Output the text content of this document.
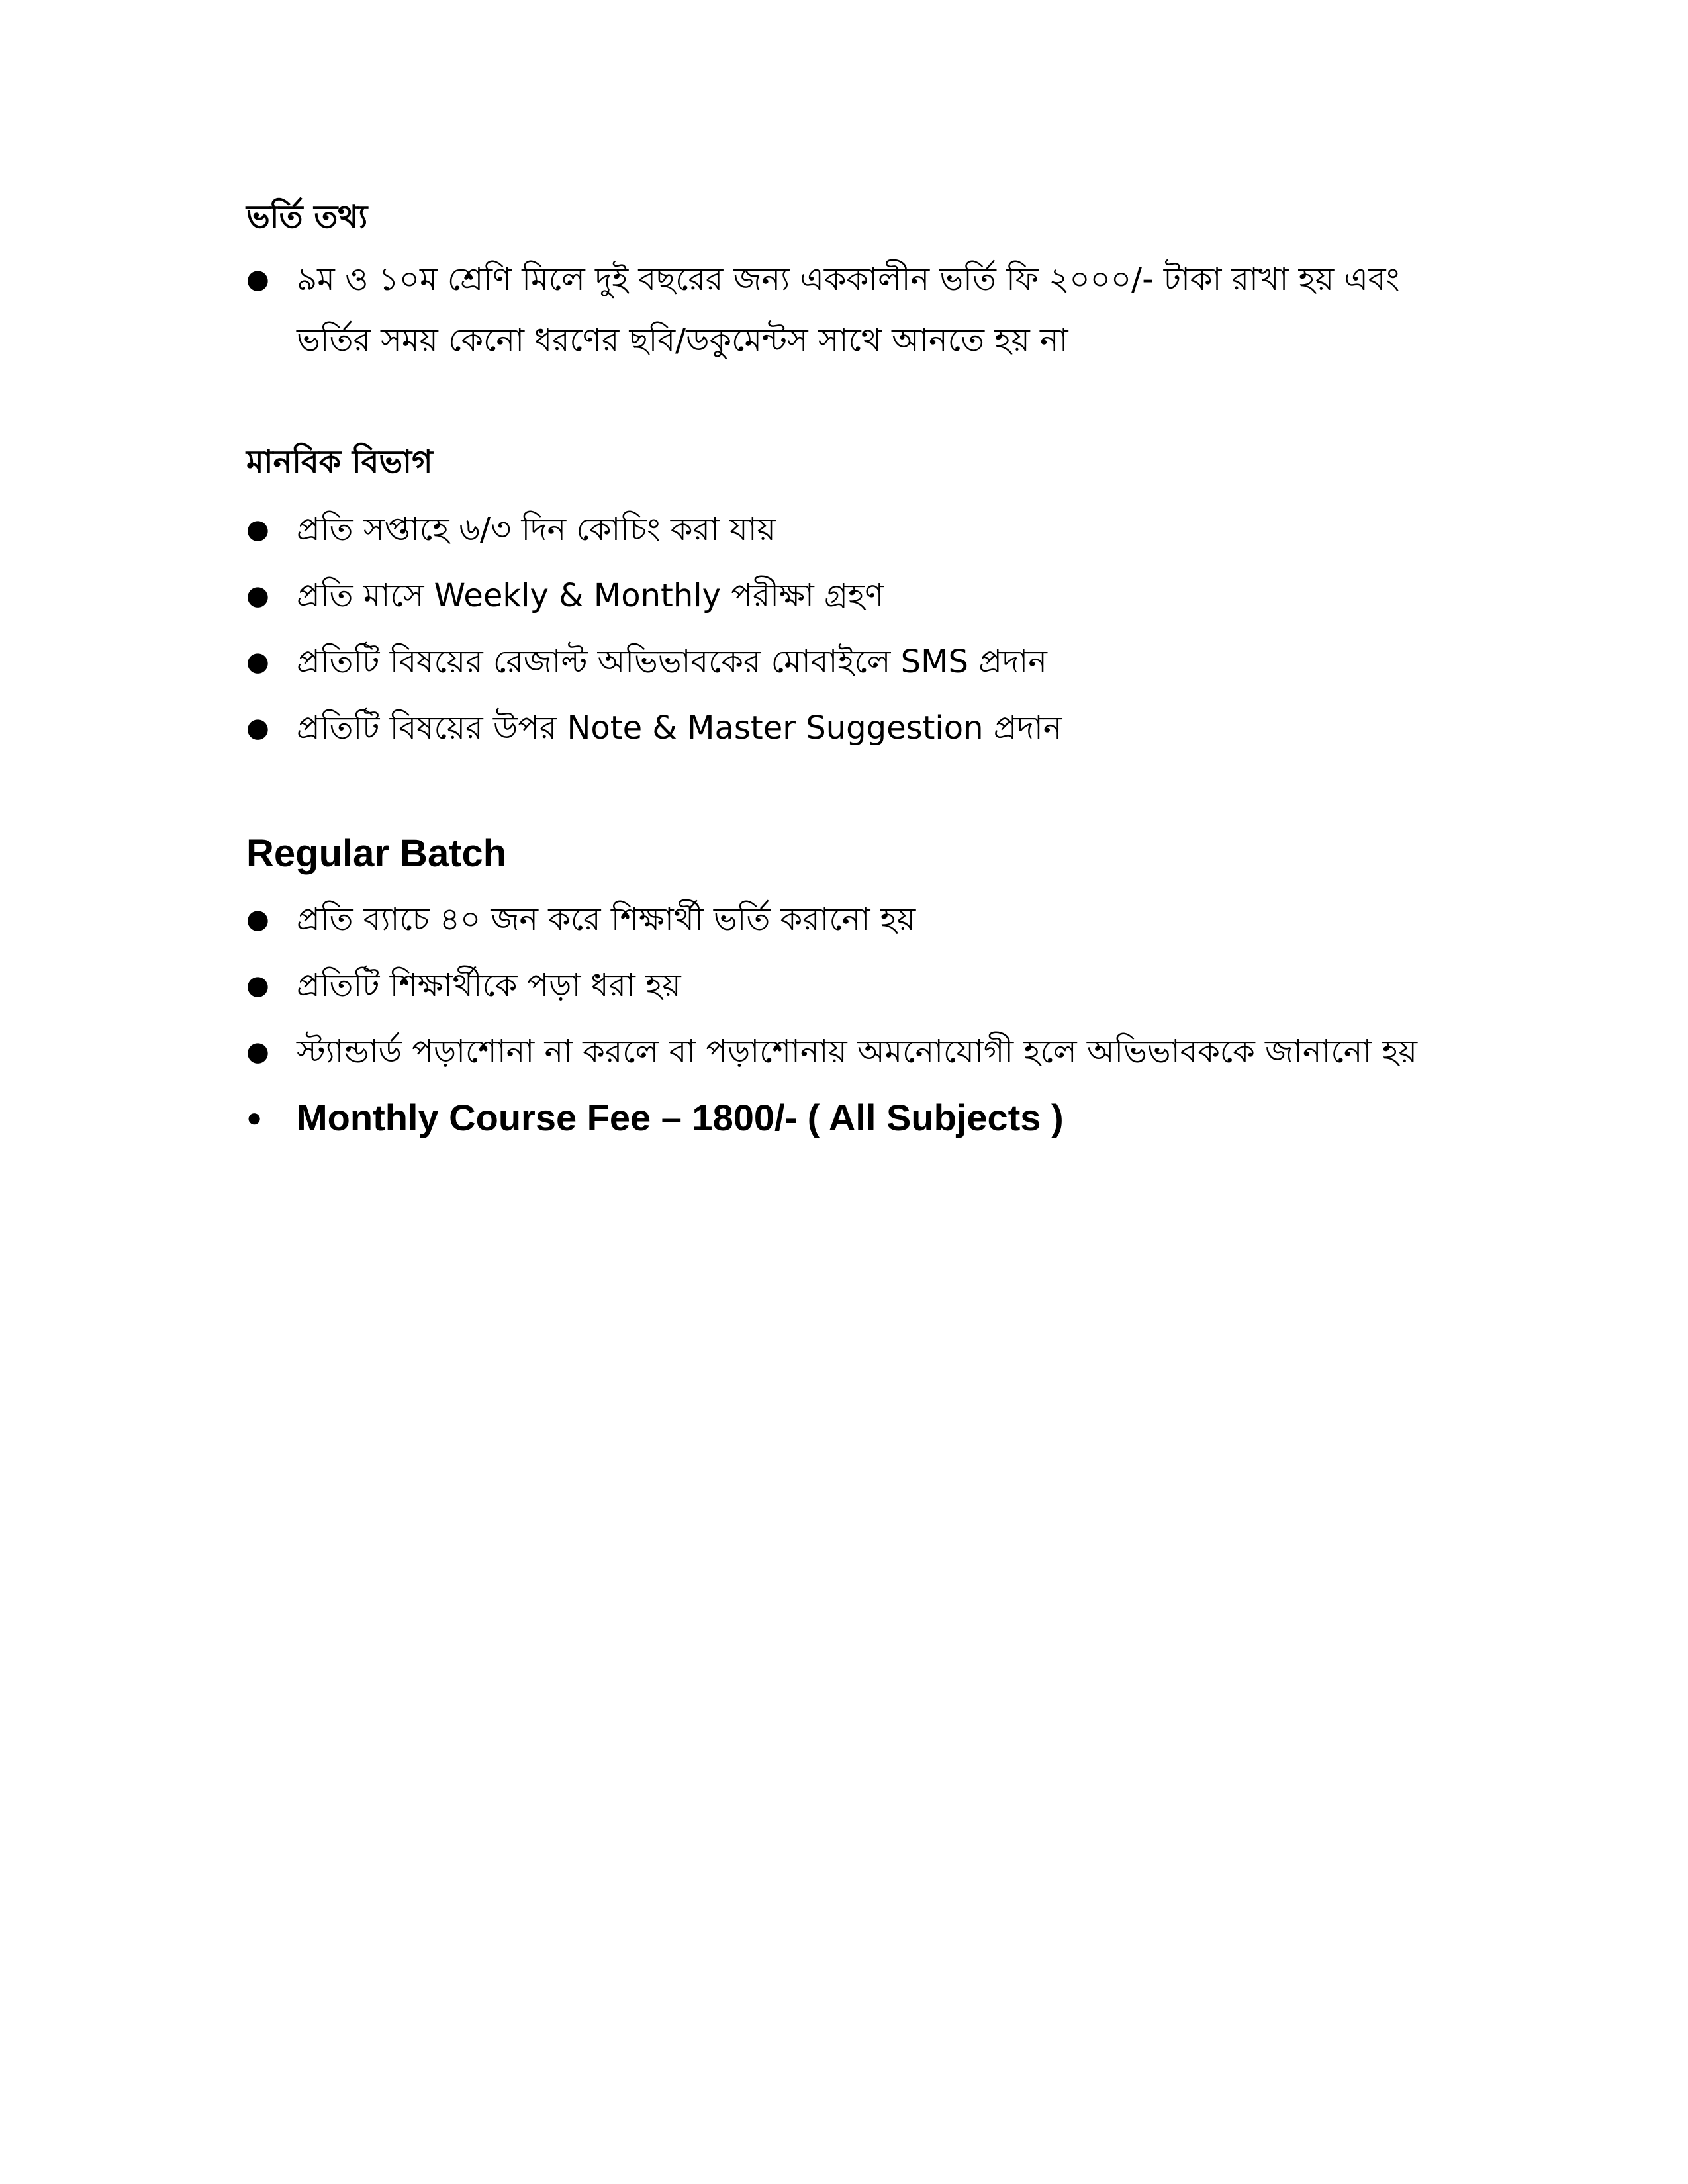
ভর্তি তথ্য
● ৯ম ও ১০ম শ্রেণি মিলে দুই বছরের জন্য এককালীন ভর্তি ফি ২০০০/- টাকা রাখা হয় এবং ভর্তির সময় কেনো ধরণের ছবি/ডকুমেন্টস সাথে আনতে হয় না
মানবিক বিভাগ
● প্রতি সপ্তাহে ৬/৩ দিন কোচিং করা যায়
● প্রতি মাসে Weekly & Monthly পরীক্ষা গ্রহণ
● প্রতিটি বিষয়ের রেজাল্ট অভিভাবকের মোবাইলে SMS প্রদান
● প্রতিটি বিষয়ের উপর Note & Master Suggestion প্রদান
Regular Batch
● প্রতি ব্যাচে ৪০ জন করে শিক্ষার্থী ভর্তি করানো হয়
● প্রতিটি শিক্ষার্থীকে পড়া ধরা হয়
● স্ট্যান্ডার্ড পড়াশোনা না করলে বা পড়াশোনায় অমনোযোগী হলে অভিভাবককে জানানো হয়
● Monthly Course Fee – 1800/- ( All Subjects )
